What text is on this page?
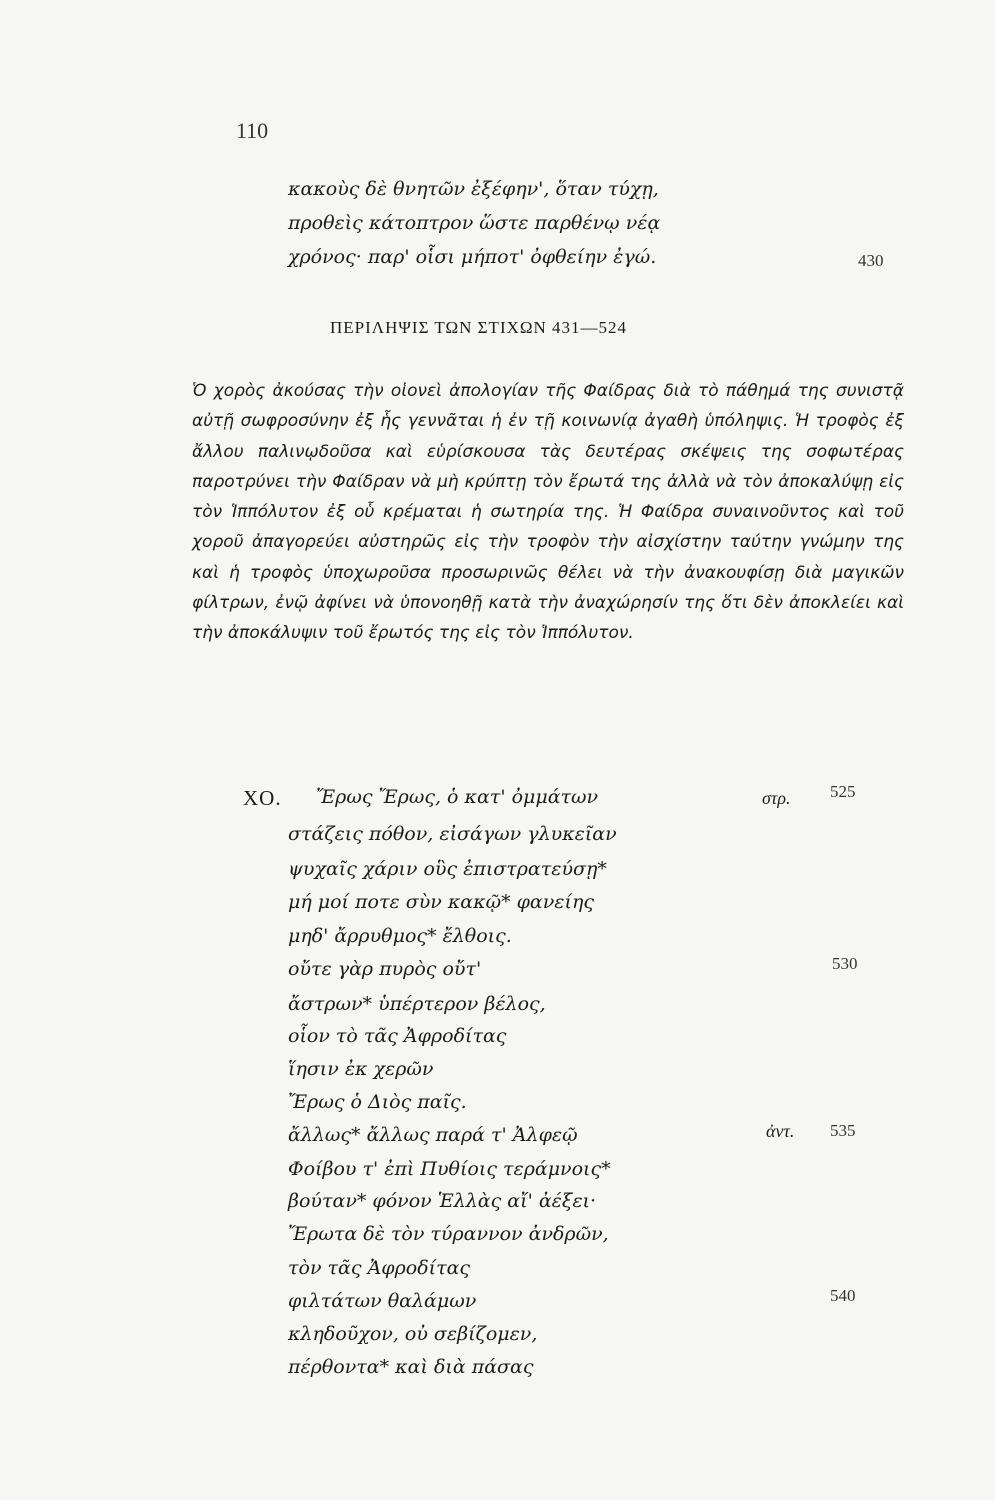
110
κακοὺς δὲ θνητῶν ἐξέφην', ὅταν τύχῃ,
προθεὶς κάτοπτρον ὥστε παρθένῳ νέᾳ
χρόνος· παρ' οἷσι μήποτ' ὀφθείην ἐγώ.	430
ΠΕΡΙΛΗΨΙΣ ΤΩΝ ΣΤΙΧΩΝ 431—524

Ὁ χορὸς ἀκούσας τὴν οἱονεὶ ἀπολογίαν τῆς Φαίδρας διὰ τὸ πάθημά της συνιστᾷ αὐτῇ σωφροσύνην ἐξ ἧς γεννᾶται ἡ ἐν τῇ κοινωνίᾳ ἀγαθὴ ὑπόληψις. Ἡ τροφὸς ἐξ ἄλλου παλινῳδοῦσα καὶ εὑρίσκουσα τὰς δευτέρας σκέψεις της σοφωτέρας παροτρύνει τὴν Φαίδραν νὰ μὴ κρύπτῃ τὸν ἔρωτά της ἀλλὰ νὰ τὸν ἀποκαλύψῃ εἰς τὸν Ἱππόλυτον ἐξ οὗ κρέμαται ἡ σωτηρία της. Ἡ Φαίδρα συναινοῦντος καὶ τοῦ χοροῦ ἀπαγορεύει αὐστηρῶς εἰς τὴν τροφὸν τὴν αἰσχίστην ταύτην γνώμην της καὶ ἡ τροφὸς ὑποχωροῦσα προσωρινῶς θέλει νὰ τὴν ἀνακουφίσῃ διὰ μαγικῶν φίλτρων, ἐνῷ ἀφίνει νὰ ὑπονοηθῇ κατὰ τὴν ἀναχώρησίν της ὅτι δὲν ἀποκλείει καὶ τὴν ἀποκάλυψιν τοῦ ἔρωτός της εἰς τὸν Ἱππόλυτον.

ΧΟ.	στρ.
ἀντ.
Ἔρως Ἔρως, ὁ κατ' ὀμμάτων	525
στάζεις πόθον, εἰσάγων γλυκεῖαν
ψυχαῖς χάριν οὓς ἐπιστρατεύσῃ*
μή μοί ποτε σὺν κακῷ* φανείης
μηδ' ἄρρυθμος* ἔλθοις.
οὔτε γὰρ πυρὸς οὔτ'	530
ἄστρων* ὑπέρτερον βέλος,
οἷον τὸ τᾶς Ἀφροδίτας
ἵησιν ἐκ χερῶν
Ἔρως ὁ Διὸς παῖς.
ἄλλως* ἄλλως παρά τ' Ἀλφεῷ	535
Φοίβου τ' ἐπὶ Πυθίοις τεράμνοις*
βούταν* φόνον Ἑλλὰς αἴ' ἀέξει·
Ἔρωτα δὲ τὸν τύραννον ἀνδρῶν,
τὸν τᾶς Ἀφροδίτας
φιλτάτων θαλάμων	540
κληδοῦχον, οὐ σεβίζομεν,
πέρθοντα* καὶ διὰ πάσας
